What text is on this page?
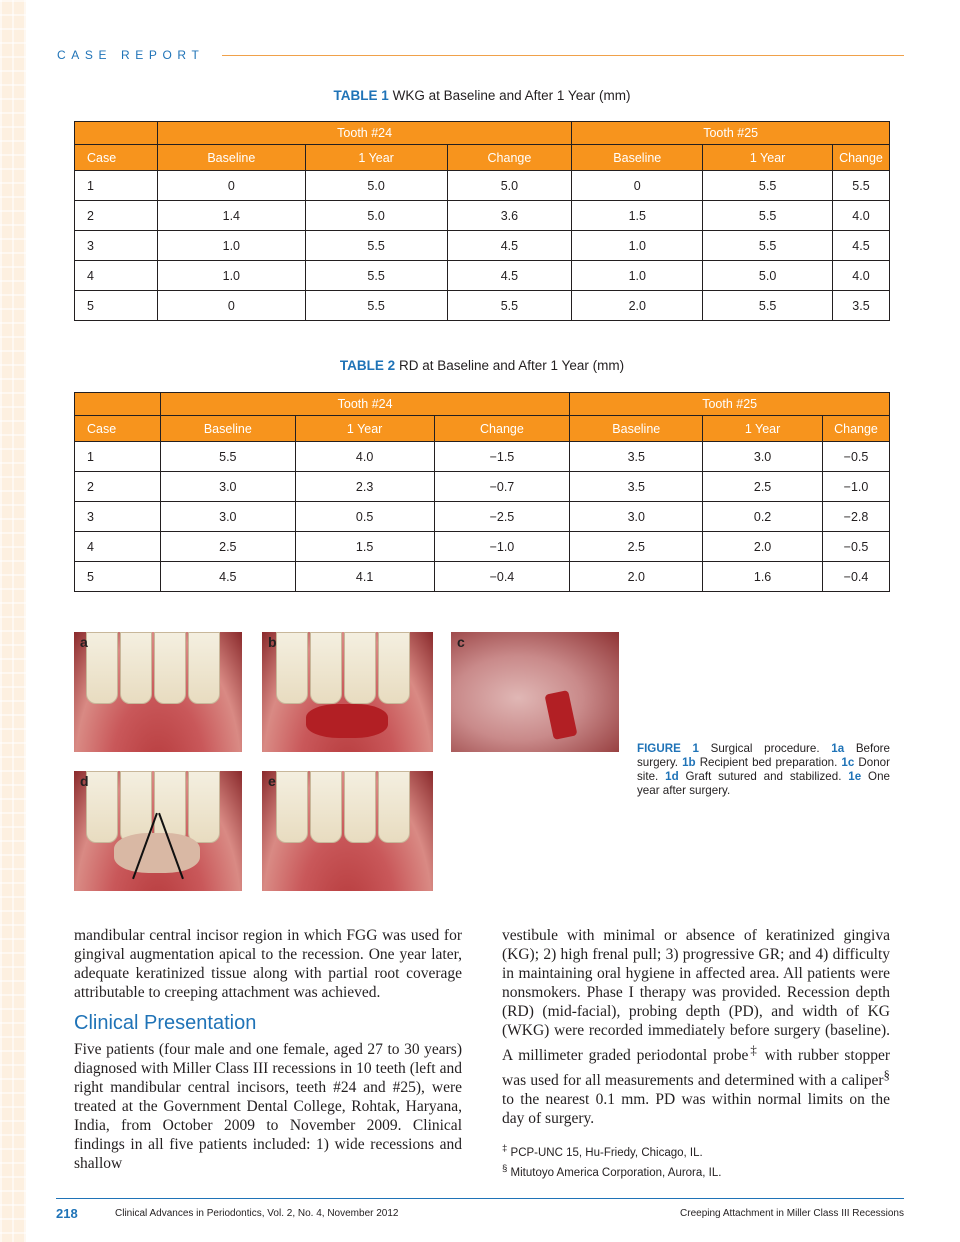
CASE REPORT
TABLE 1 WKG at Baseline and After 1 Year (mm)
	Tooth #24			Tooth #25		
Case	Baseline	1 Year	Change	Baseline	1 Year	Change
1	0	5.0	5.0	0	5.5	5.5
2	1.4	5.0	3.6	1.5	5.5	4.0
3	1.0	5.5	4.5	1.0	5.5	4.5
4	1.0	5.5	4.5	1.0	5.0	4.0
5	0	5.5	5.5	2.0	5.5	3.5
TABLE 2 RD at Baseline and After 1 Year (mm)
	Tooth #24			Tooth #25		
Case	Baseline	1 Year	Change	Baseline	1 Year	Change
1	5.5	4.0	−1.5	3.5	3.0	−0.5
2	3.0	2.3	−0.7	3.5	2.5	−1.0
3	3.0	0.5	−2.5	3.0	0.2	−2.8
4	2.5	1.5	−1.0	2.5	2.0	−0.5
5	4.5	4.1	−0.4	2.0	1.6	−0.4
a	b	c
d	e
FIGURE 1 Surgical procedure. 1a Before surgery. 1b Recipient bed preparation. 1c Donor site. 1d Graft sutured and stabilized. 1e One year after surgery.

mandibular central incisor region in which FGG was used for gingival augmentation apical to the recession. One year later, adequate keratinized tissue along with partial root coverage attributable to creeping attachment was achieved.

Clinical Presentation

Five patients (four male and one female, aged 27 to 30 years) diagnosed with Miller Class III recessions in 10 teeth (left and right mandibular central incisors, teeth #24 and #25), were treated at the Government Dental College, Rohtak, Haryana, India, from October 2009 to November 2009. Clinical findings in all five patients included: 1) wide recessions and shallow

vestibule with minimal or absence of keratinized gingiva (KG); 2) high frenal pull; 3) progressive GR; and 4) difficulty in maintaining oral hygiene in affected area. All patients were nonsmokers. Phase I therapy was provided. Recession depth (RD) (mid-facial), probing depth (PD), and width of KG (WKG) were recorded immediately before surgery (baseline). A millimeter graded periodontal probe‡ with rubber stopper was used for all measurements and determined with a caliper§ to the nearest 0.1 mm. PD was within normal limits on the day of surgery.

‡ PCP-UNC 15, Hu-Friedy, Chicago, IL.
§ Mitutoyo America Corporation, Aurora, IL.
218	Clinical Advances in Periodontics, Vol. 2, No. 4, November 2012	Creeping Attachment in Miller Class III Recessions
